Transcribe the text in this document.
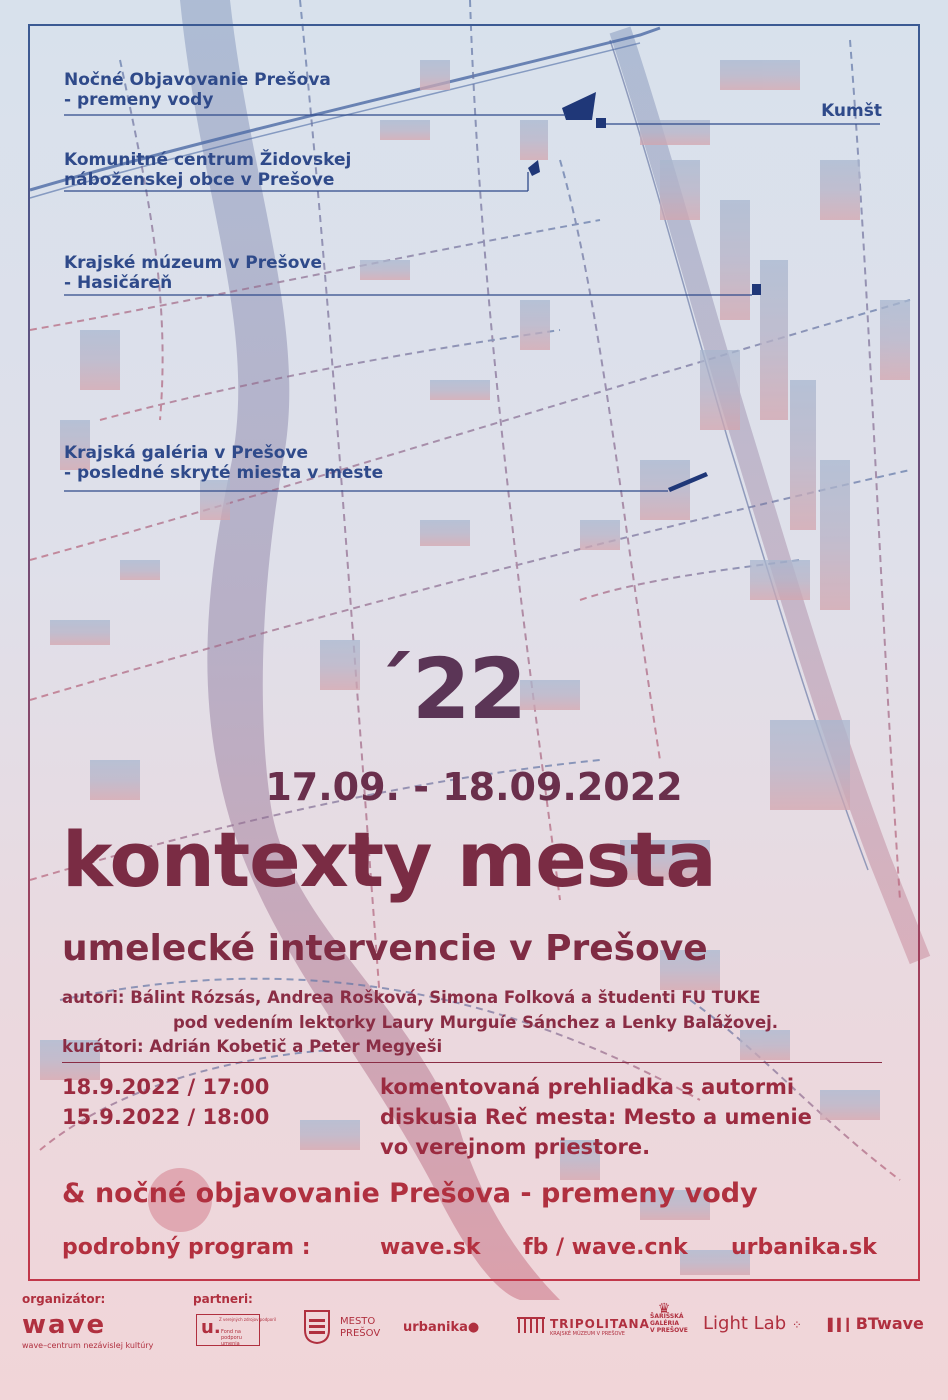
Nočné Objavovanie Prešova
- premeny vody
Komunitné centrum Židovskej
náboženskej obce v Prešove
Krajské múzeum v Prešove
- Hasičáreň
Krajská galéria v Prešove
- posledné skryté miesta v meste
Kumšt
´22
17.09. - 18.09.2022
kontexty mesta
umelecké intervencie v Prešove
autori: Bálint Rózsás, Andrea Rošková, Simona Folková a študenti FU TUKE
pod vedením lektorky Laury Murguíe Sánchez a Lenky Balážovej.
kurátori: Adrián Kobetič a Peter Megyeši
18.9.2022 / 17:00	komentovaná prehliadka s autormi
15.9.2022 / 18:00	diskusia Reč mesta: Mesto a umenie
vo verejnom priestore.
& nočné objavovanie Prešova - premeny vody
podrobný program :	wave.sk fb / wave.cnk urbanika.sk
organizátor:	partneri:
wave
wave–centrum nezávislej kultúry
u.
Z verejných zdrojov podporil
Fond na podporu umenia
MESTO
PREŠOV urbanika●	TRIPOLITANA
KRAJSKÉ MÚZEUM V PREŠOVE
♛
ŠARIŠSKÁ
GALÉRIA
V PREŠOVE Light Lab ⁘ ▌▍▎BTwave
